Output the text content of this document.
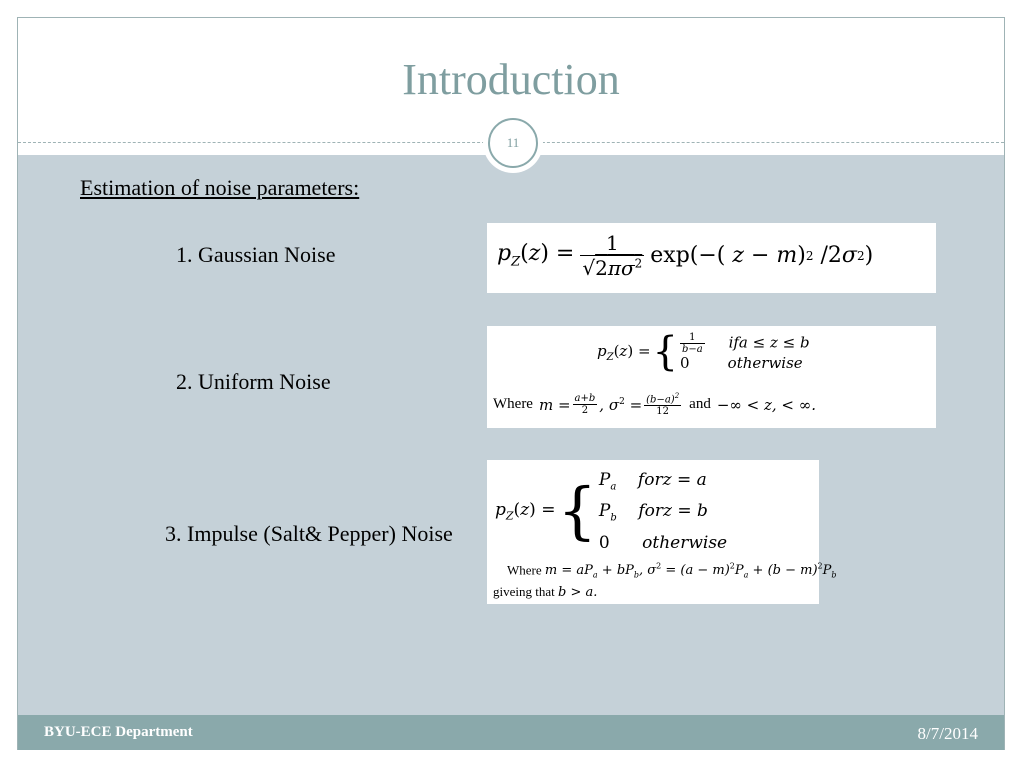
Introduction
11
Estimation of noise parameters:
1. Gaussian Noise
2. Uniform Noise
3. Impulse (Salt& Pepper) Noise
$p_Z(z) = \frac{1}{√2\pi\sigma^2} \exp(-$( z − m ) 2
/2 σ 2 )
$p_Z(z)$ = { $\frac{1}{b-a}$ ifa ≤ z ≤ b
0        otherwise
Where $m = \frac{a+b}{2}$ , $\sigma^2 = \frac{(b-a)^2}{12}$ and −∞ < z, < ∞.
$p_Z(z)$ = { $P_a$    forz = a
$P_b$    forz = b
0      otherwise
Where $m = aP_a + bP_b$, $\sigma^2 = (a - m)^2P_a + (b - m)^2P_b$
giveing that b > a.
BYU-ECE Department	8/7/2014
